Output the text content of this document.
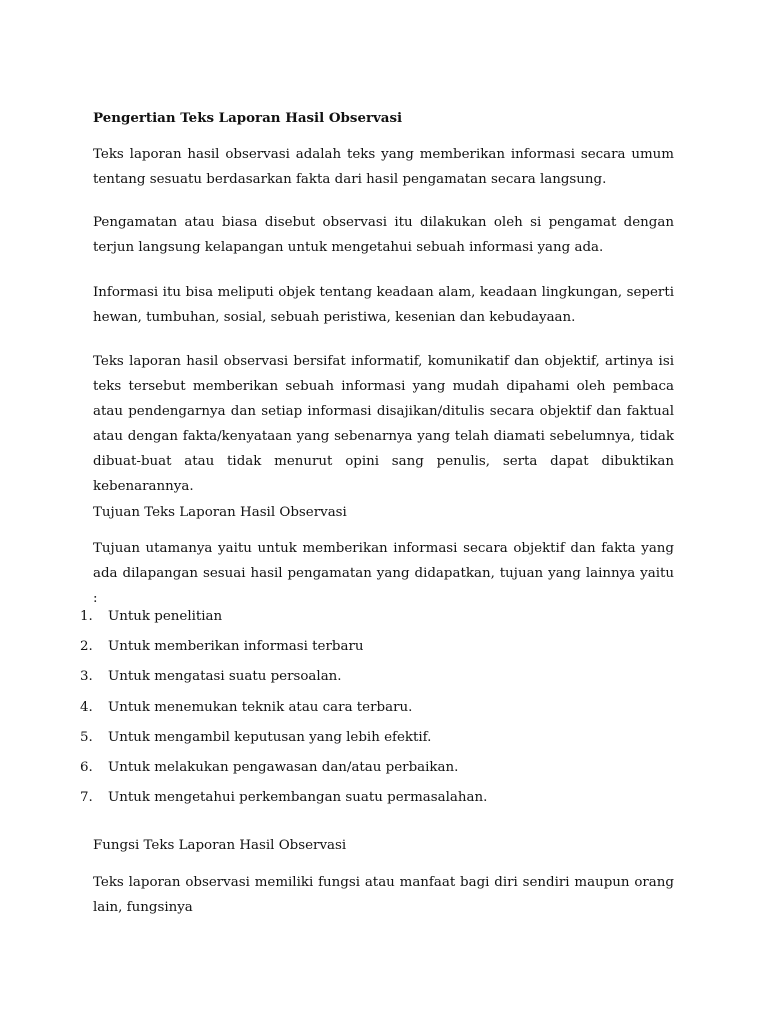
Pengertian Teks Laporan Hasil Observasi

Teks laporan hasil observasi adalah teks yang memberikan informasi secara umum tentang sesuatu berdasarkan fakta dari hasil pengamatan secara langsung.

Pengamatan atau biasa disebut observasi itu dilakukan oleh si pengamat dengan terjun langsung kelapangan untuk mengetahui sebuah informasi yang ada.

Informasi itu bisa meliputi objek tentang keadaan alam, keadaan lingkungan, seperti hewan, tumbuhan, sosial, sebuah peristiwa, kesenian dan kebudayaan.

Teks laporan hasil observasi bersifat informatif, komunikatif dan objektif, artinya isi teks tersebut memberikan sebuah informasi yang mudah dipahami oleh pembaca atau pendengarnya dan setiap informasi disajikan/ditulis secara objektif dan faktual atau dengan fakta/kenyataan yang sebenarnya yang telah diamati sebelumnya, tidak dibuat-buat atau tidak menurut opini sang penulis, serta dapat dibuktikan kebenarannya.

Tujuan Teks Laporan Hasil Observasi

Tujuan utamanya yaitu untuk memberikan informasi secara objektif dan fakta yang ada dilapangan sesuai hasil pengamatan yang didapatkan, tujuan yang lainnya yaitu :

1. Untuk penelitian
2. Untuk memberikan informasi terbaru
3. Untuk mengatasi suatu persoalan.
4. Untuk menemukan teknik atau cara terbaru.
5. Untuk mengambil keputusan yang lebih efektif.
6. Untuk melakukan pengawasan dan/atau perbaikan.
7. Untuk mengetahui perkembangan suatu permasalahan.
Fungsi Teks Laporan Hasil Observasi

Teks laporan observasi memiliki fungsi atau manfaat bagi diri sendiri maupun orang lain, fungsinya
